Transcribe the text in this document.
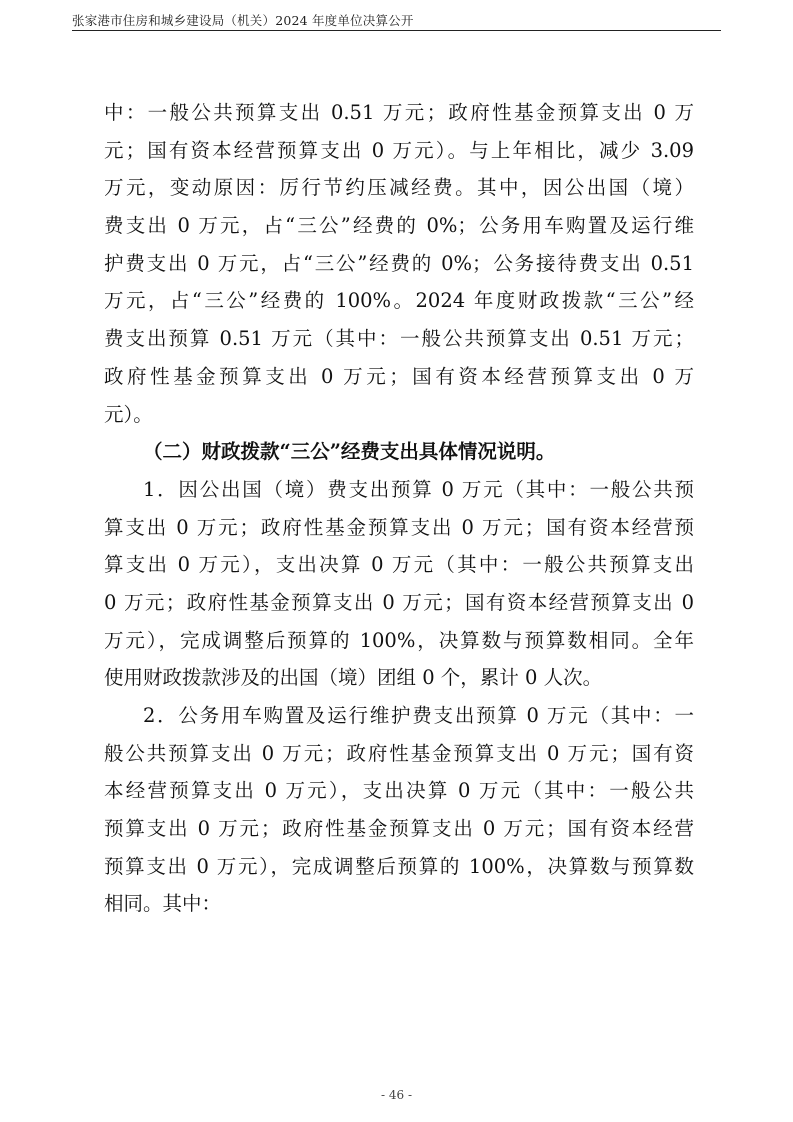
张家港市住房和城乡建设局（机关）2024 年度单位决算公开
中：一般公共预算支出 0.51 万元；政府性基金预算支出 0 万
元；国有资本经营预算支出 0 万元）。与上年相比，减少 3.09
万元，变动原因：厉行节约压减经费。其中，因公出国（境）
费支出 0 万元，占“三公”经费的 0%；公务用车购置及运行维
护费支出 0 万元，占“三公”经费的 0%；公务接待费支出 0.51
万元，占“三公”经费的 100%。2024 年度财政拨款“三公”经
费支出预算 0.51 万元（其中：一般公共预算支出 0.51 万元；
政府性基金预算支出 0 万元；国有资本经营预算支出 0 万
元）。
（二）财政拨款“三公”经费支出具体情况说明。
1．因公出国（境）费支出预算 0 万元（其中：一般公共预
算支出 0 万元；政府性基金预算支出 0 万元；国有资本经营预
算支出 0 万元），支出决算 0 万元（其中：一般公共预算支出
0 万元；政府性基金预算支出 0 万元；国有资本经营预算支出 0
万元），完成调整后预算的 100%，决算数与预算数相同。全年
使用财政拨款涉及的出国（境）团组 0 个，累计 0 人次。
2．公务用车购置及运行维护费支出预算 0 万元（其中：一
般公共预算支出 0 万元；政府性基金预算支出 0 万元；国有资
本经营预算支出 0 万元），支出决算 0 万元（其中：一般公共
预算支出 0 万元；政府性基金预算支出 0 万元；国有资本经营
预算支出 0 万元），完成调整后预算的 100%，决算数与预算数
相同。其中：
- 46 -
